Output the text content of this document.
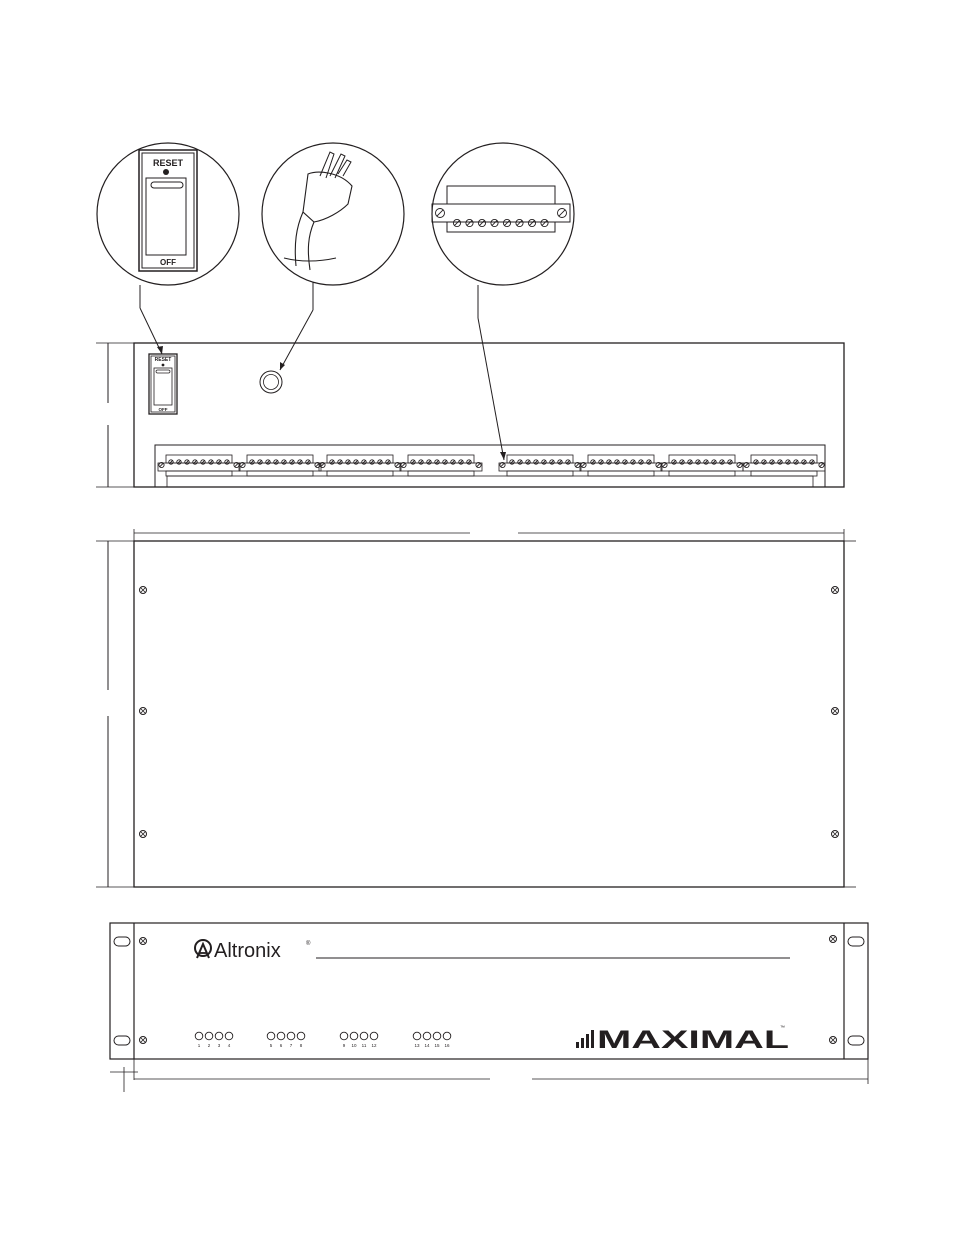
RESET
OFF
RESET
OFF
Altronix	®
1 2 3 4	5 6 7 8	9 10 11 12	13 14 15 16	MAXIMAL
™
